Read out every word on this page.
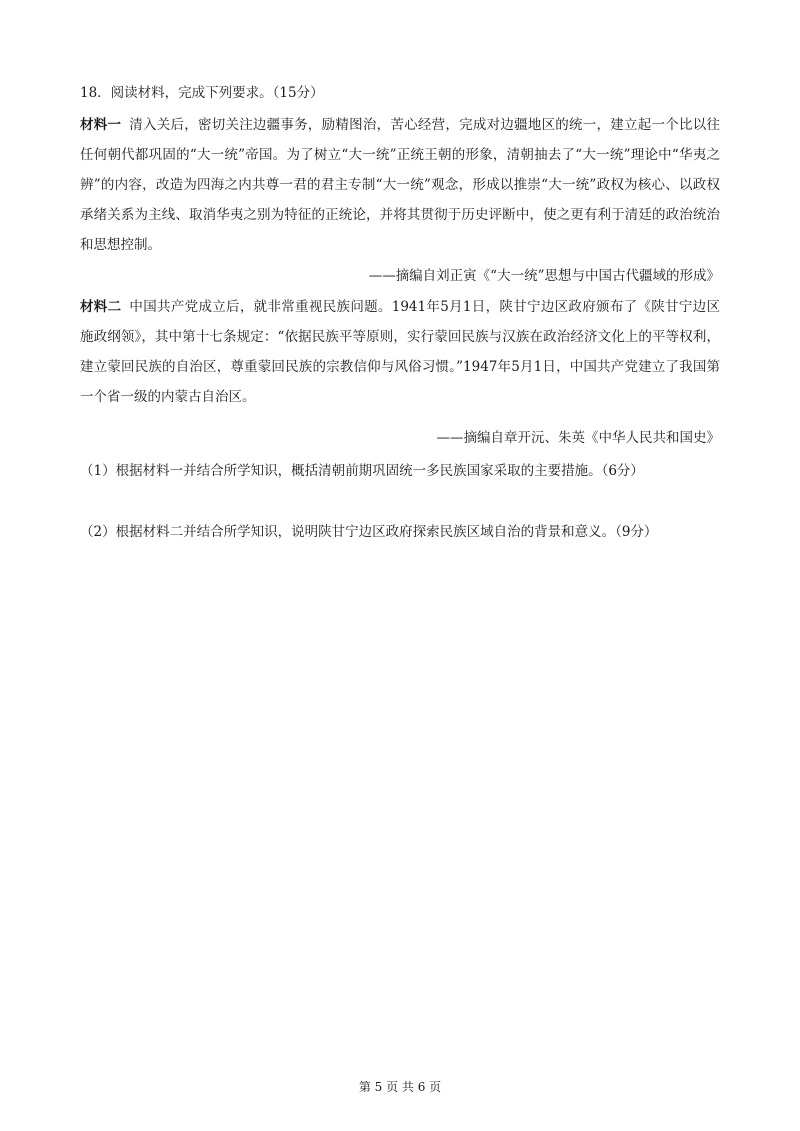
18．阅读材料，完成下列要求。（15分）
材料一 清入关后，密切关注边疆事务，励精图治，苦心经营，完成对边疆地区的统一，建立起一个比以往任何朝代都巩固的“大一统”帝国。为了树立“大一统”正统王朝的形象，清朝抽去了“大一统”理论中“华夷之辨”的内容，改造为四海之内共尊一君的君主专制“大一统”观念，形成以推崇“大一统”政权为核心、以政权承绪关系为主线、取消华夷之别为特征的正统论，并将其贯彻于历史评断中，使之更有利于清廷的政治统治和思想控制。
——摘编自刘正寅《“大一统”思想与中国古代疆域的形成》
材料二 中国共产党成立后，就非常重视民族问题。1941年5月1日，陕甘宁边区政府颁布了《陕甘宁边区施政纲领》，其中第十七条规定：“依据民族平等原则，实行蒙回民族与汉族在政治经济文化上的平等权利，建立蒙回民族的自治区，尊重蒙回民族的宗教信仰与风俗习惯。”1947年5月1日，中国共产党建立了我国第一个省一级的内蒙古自治区。
——摘编自章开沅、朱英《中华人民共和国史》
（1）根据材料一并结合所学知识，概括清朝前期巩固统一多民族国家采取的主要措施。（6分）
（2）根据材料二并结合所学知识，说明陕甘宁边区政府探索民族区域自治的背景和意义。（9分）
第 5 页 共 6 页
